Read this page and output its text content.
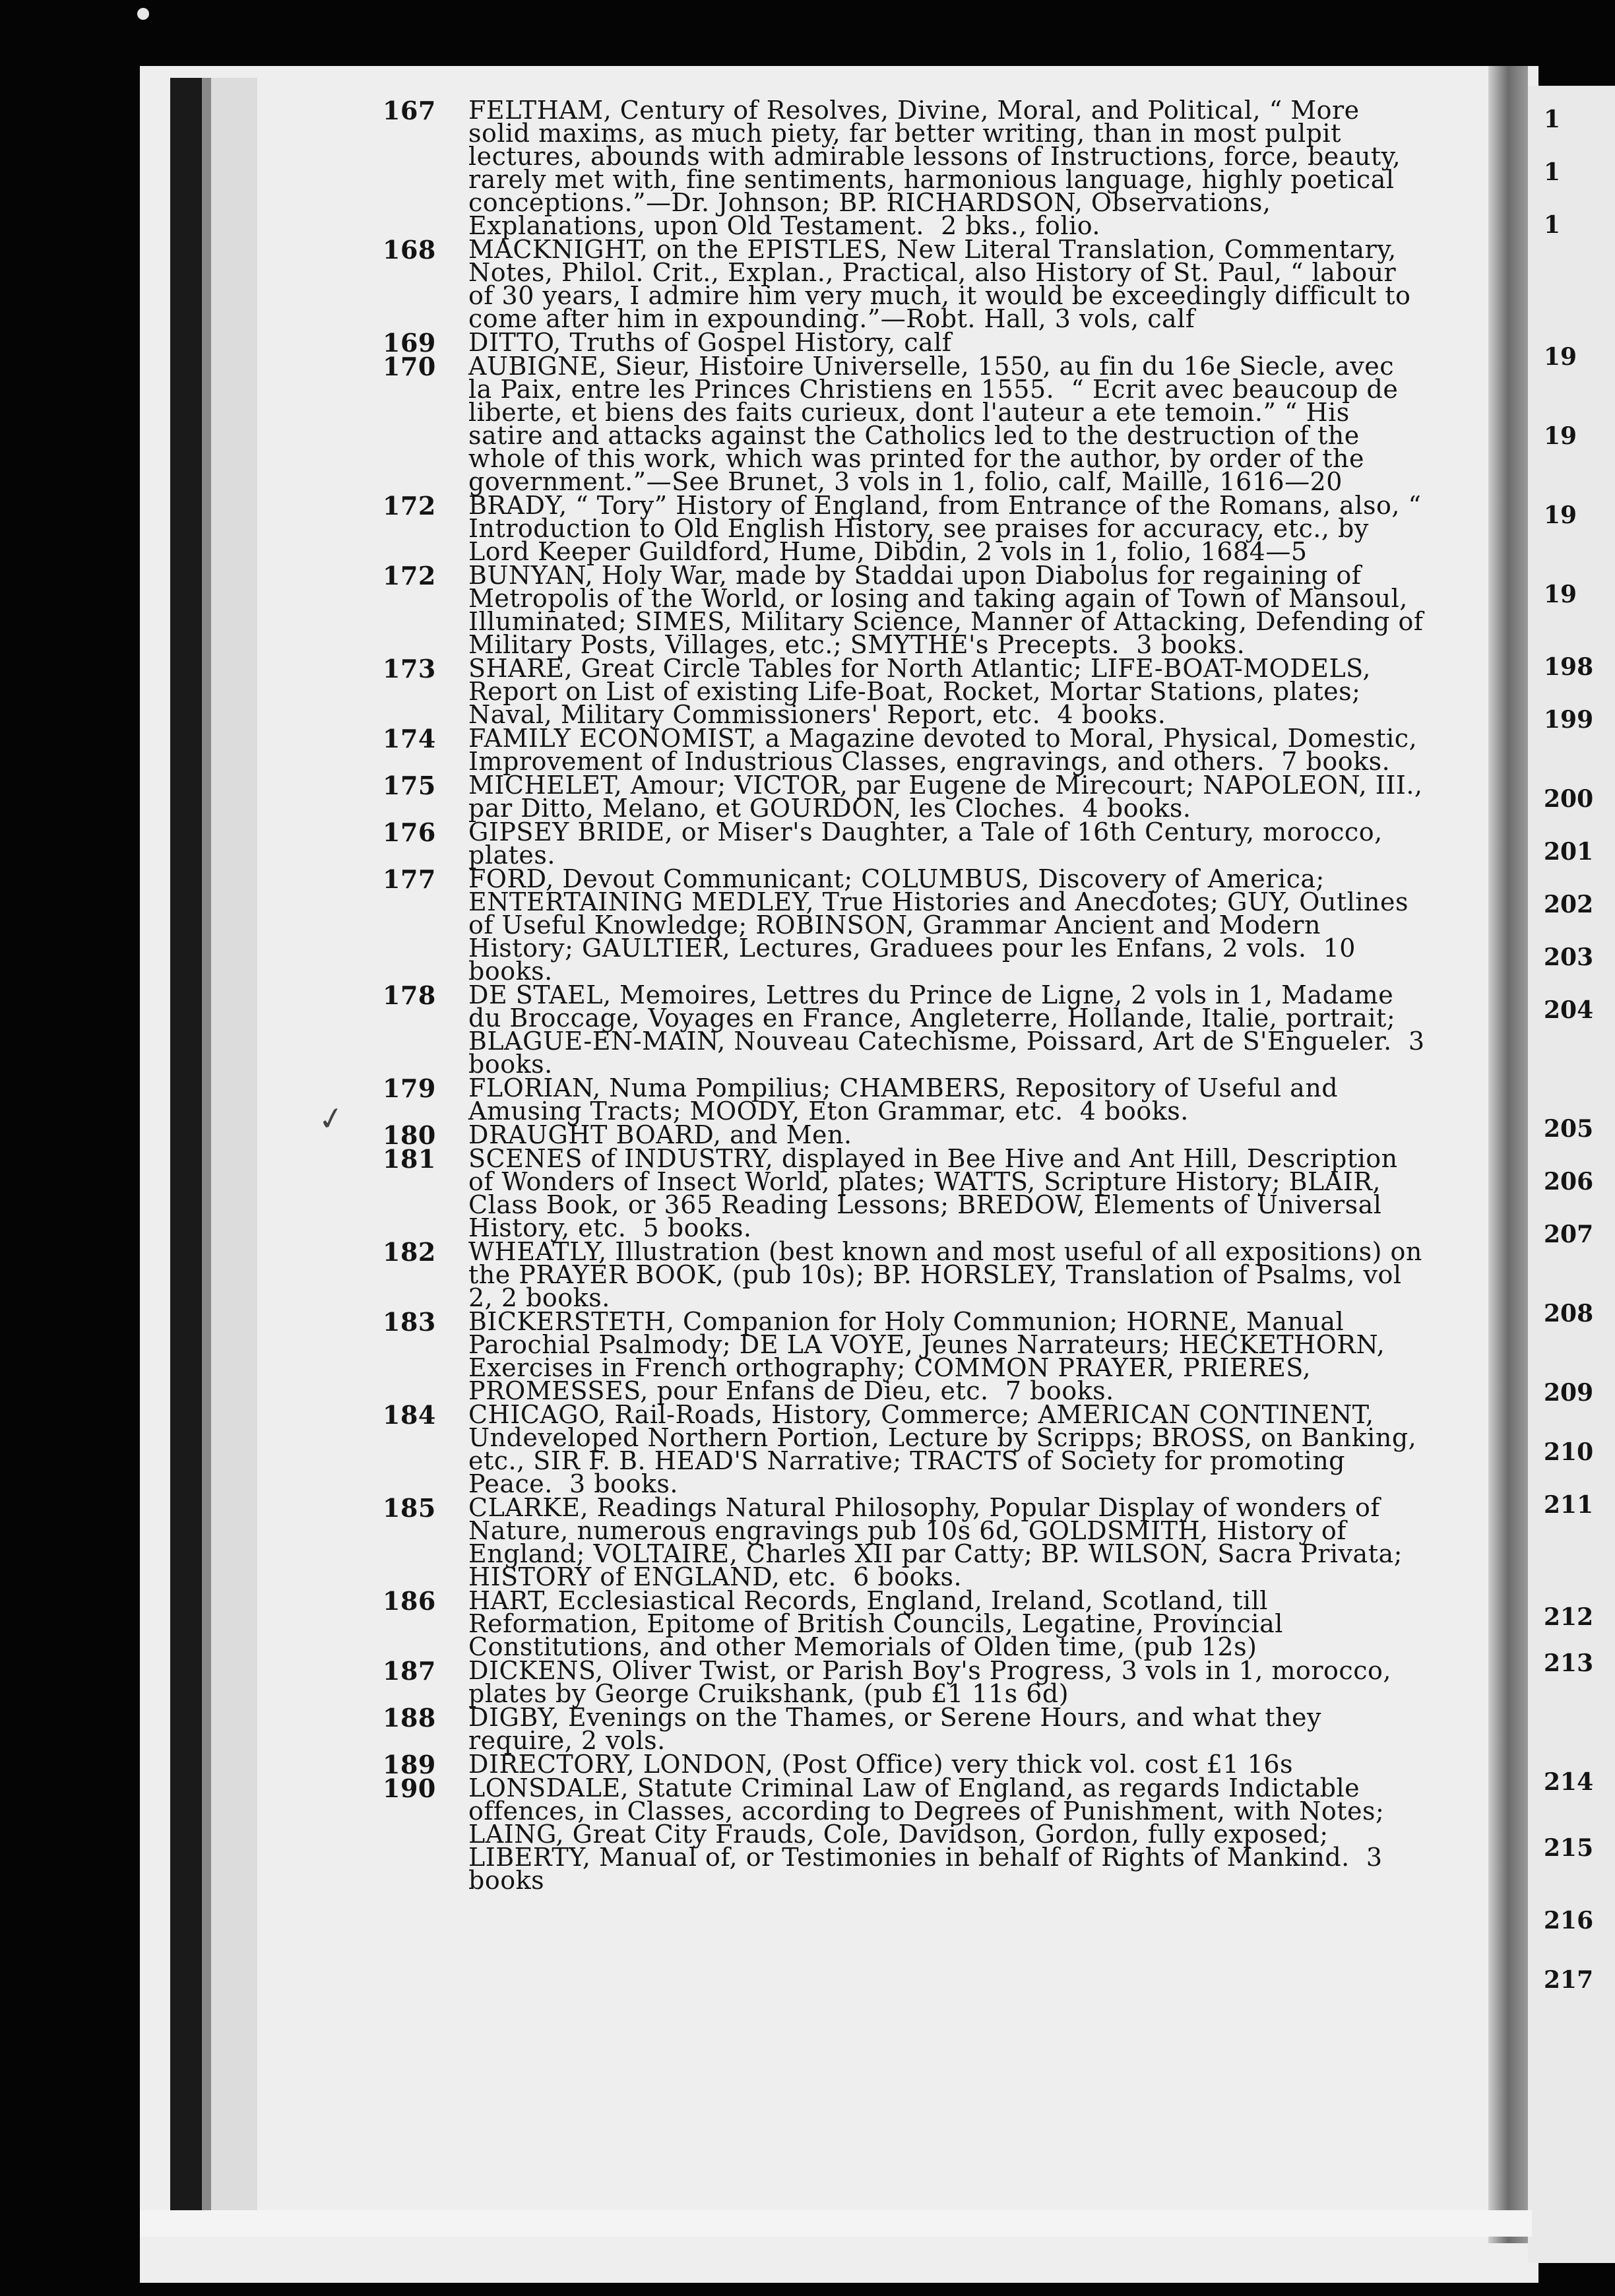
✓
167 FELTHAM, Century of Resolves, Divine, Moral, and Political, “ More solid maxims, as much piety, far better writing, than in most pulpit lectures, abounds with admirable lessons of Instructions, force, beauty, rarely met with, fine sentiments, harmonious language, highly poetical conceptions.”—Dr. Johnson; BP. RICHARDSON, Observations, Explanations, upon Old Testament.  2 bks., folio.
168 MACKNIGHT, on the EPISTLES, New Literal Translation, Commentary, Notes, Philol. Crit., Explan., Practical, also History of St. Paul, “ labour of 30 years, I admire him very much, it would be exceedingly difficult to come after him in expounding.”—Robt. Hall, 3 vols, calf
169 DITTO, Truths of Gospel History, calf
170 AUBIGNE, Sieur, Histoire Universelle, 1550, au fin du 16e Siecle, avec la Paix, entre les Princes Christiens en 1555.  “ Ecrit avec beaucoup de liberte, et biens des faits curieux, dont l'auteur a ete temoin.” “ His satire and attacks against the Catholics led to the destruction of the whole of this work, which was printed for the author, by order of the government.”—See Brunet, 3 vols in 1, folio, calf, Maille, 1616—20
172 BRADY, “ Tory” History of England, from Entrance of the Romans, also, “ Introduction to Old English History, see praises for accuracy, etc., by Lord Keeper Guildford, Hume, Dibdin, 2 vols in 1, folio, 1684—5
172 BUNYAN, Holy War, made by Staddai upon Diabolus for regaining of Metropolis of the World, or losing and taking again of Town of Mansoul, Illuminated; SIMES, Military Science, Manner of Attacking, Defending of Military Posts, Villages, etc.; SMYTHE's Precepts.  3 books.
173 SHARE, Great Circle Tables for North Atlantic; LIFE-BOAT-MODELS, Report on List of existing Life-Boat, Rocket, Mortar Stations, plates; Naval, Military Commissioners' Report, etc.  4 books.
174 FAMILY ECONOMIST, a Magazine devoted to Moral, Physical, Domestic, Improvement of Industrious Classes, engravings, and others.  7 books.
175 MICHELET, Amour; VICTOR, par Eugene de Mirecourt; NAPOLEON, III., par Ditto, Melano, et GOURDON, les Cloches.  4 books.
176 GIPSEY BRIDE, or Miser's Daughter, a Tale of 16th Century, morocco, plates.
177 FORD, Devout Communicant; COLUMBUS, Discovery of America; ENTERTAINING MEDLEY, True Histories and Anecdotes; GUY, Outlines of Useful Knowledge; ROBINSON, Grammar Ancient and Modern History; GAULTIER, Lectures, Graduees pour les Enfans, 2 vols.  10 books.
178 DE STAEL, Memoires, Lettres du Prince de Ligne, 2 vols in 1, Madame du Broccage, Voyages en France, Angleterre, Hollande, Italie, portrait; BLAGUE-EN-MAIN, Nouveau Catechisme, Poissard, Art de S'Engueler.  3 books.
179 FLORIAN, Numa Pompilius; CHAMBERS, Repository of Useful and Amusing Tracts; MOODY, Eton Grammar, etc.  4 books.
180 DRAUGHT BOARD, and Men.
181 SCENES of INDUSTRY, displayed in Bee Hive and Ant Hill, Description of Wonders of Insect World, plates; WATTS, Scripture History; BLAIR, Class Book, or 365 Reading Lessons; BREDOW, Elements of Universal History, etc.  5 books.
182 WHEATLY, Illustration (best known and most useful of all expositions) on the PRAYER BOOK, (pub 10s); BP. HORSLEY, Translation of Psalms, vol 2, 2 books.
183 BICKERSTETH, Companion for Holy Communion; HORNE, Manual Parochial Psalmody; DE LA VOYE, Jeunes Narrateurs; HECKETHORN, Exercises in French orthography; COMMON PRAYER, PRIERES, PROMESSES, pour Enfans de Dieu, etc.  7 books.
184 CHICAGO, Rail-Roads, History, Commerce; AMERICAN CONTINENT, Undeveloped Northern Portion, Lecture by Scripps; BROSS, on Banking, etc., SIR F. B. HEAD'S Narrative; TRACTS of Society for promoting Peace.  3 books.
185 CLARKE, Readings Natural Philosophy, Popular Display of wonders of Nature, numerous engravings pub 10s 6d, GOLDSMITH, History of England; VOLTAIRE, Charles XII par Catty; BP. WILSON, Sacra Privata; HISTORY of ENGLAND, etc.  6 books.
186 HART, Ecclesiastical Records, England, Ireland, Scotland, till Reformation, Epitome of British Councils, Legatine, Provincial Constitutions, and other Memorials of Olden time, (pub 12s)
187 DICKENS, Oliver Twist, or Parish Boy's Progress, 3 vols in 1, morocco, plates by George Cruikshank, (pub £1 11s 6d)
188 DIGBY, Evenings on the Thames, or Serene Hours, and what they require, 2 vols.
189 DIRECTORY, LONDON, (Post Office) very thick vol. cost £1 16s
190 LONSDALE, Statute Criminal Law of England, as regards Indictable offences, in Classes, according to Degrees of Punishment, with Notes; LAING, Great City Frauds, Cole, Davidson, Gordon, fully exposed; LIBERTY, Manual of, or Testimonies in behalf of Rights of Mankind.  3 books
1
1
1
19
19
19
19
198
199
200
201
202
203
204
205
206
207
208
209
210
211
212
213
214
215
216
217
